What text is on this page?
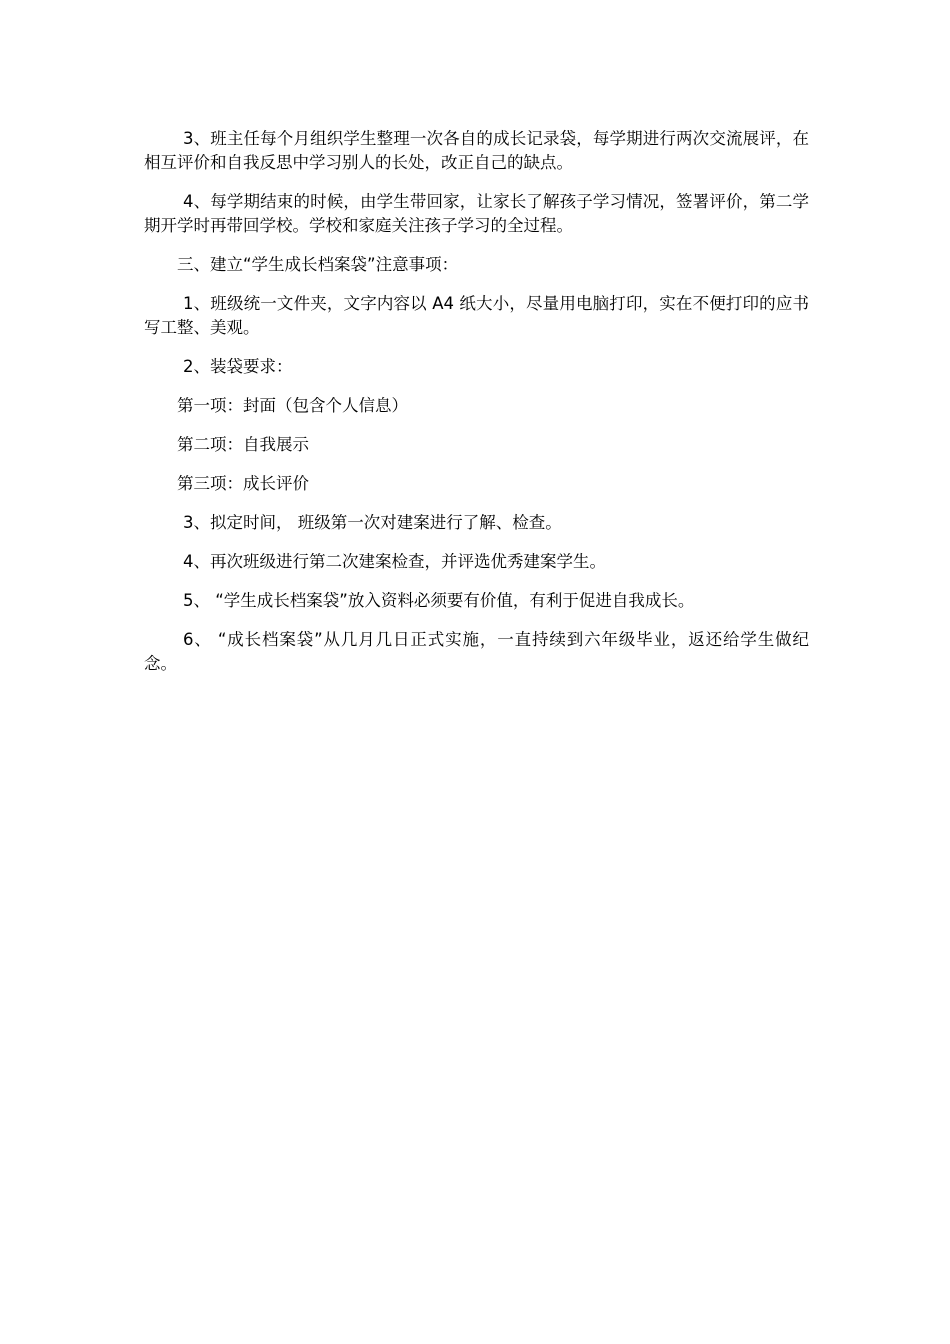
3、班主任每个月组织学生整理一次各自的成长记录袋，每学期进行两次交流展评，在相互评价和自我反思中学习别人的长处，改正自己的缺点。

4、每学期结束的时候，由学生带回家，让家长了解孩子学习情况，签署评价，第二学期开学时再带回学校。学校和家庭关注孩子学习的全过程。

三、建立“学生成长档案袋”注意事项：

1、班级统一文件夹，文字内容以 A4 纸大小，尽量用电脑打印，实在不便打印的应书写工整、美观。

2、装袋要求：

第一项：封面（包含个人信息）

第二项：自我展示

第三项：成长评价

3、拟定时间， 班级第一次对建案进行了解、检查。

4、再次班级进行第二次建案检查，并评选优秀建案学生。

5、 “学生成长档案袋”放入资料必须要有价值，有利于促进自我成长。

6、 “成长档案袋”从几月几日正式实施，一直持续到六年级毕业，返还给学生做纪念。
